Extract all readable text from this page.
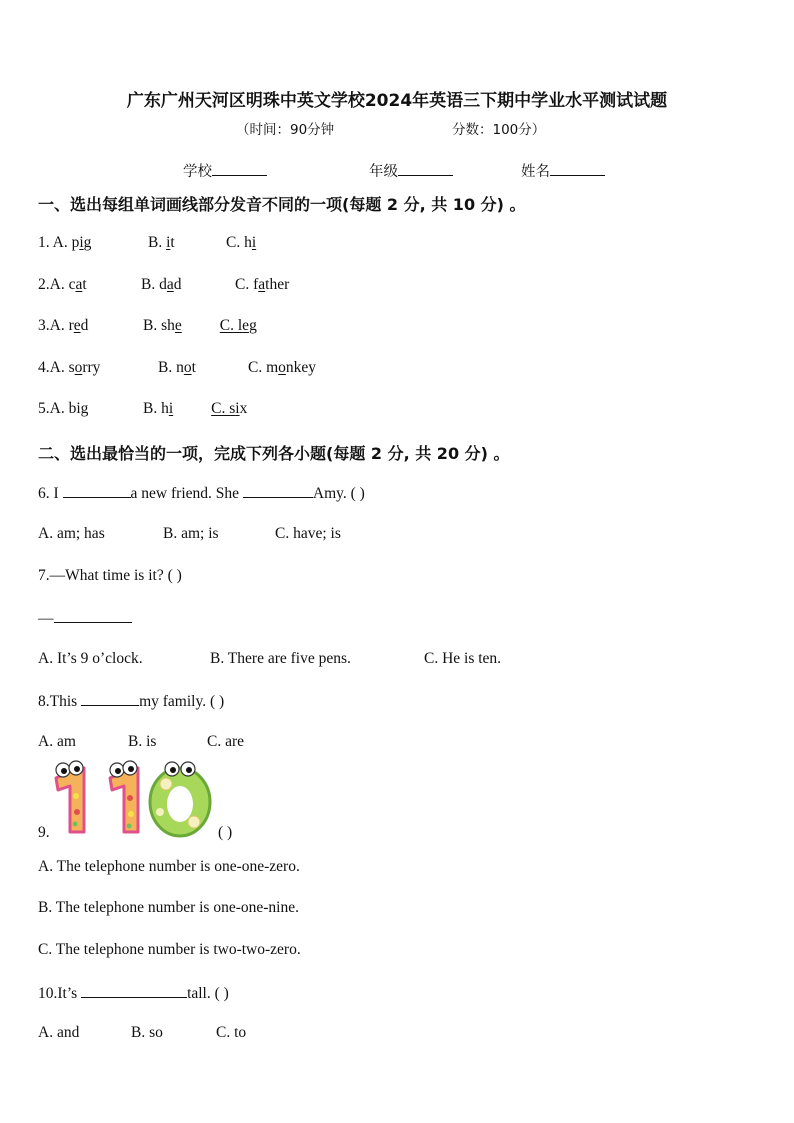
广东广州天河区明珠中英文学校2024年英语三下期中学业水平测试试题
（时间：90分钟	分数：100分）
学校	年级	姓名
一、选出每组单词画线部分发音不同的一项(每题 2 分, 共 10 分) 。
1. A. pig	B. it	C. hi
2.A. cat	B. dad	C. father
3.A. red	B. she C. leg
4.A. sorry	B. not	C. monkey
5.A. big	B. hi C. six
二、选出最恰当的一项，完成下列各小题(每题 2 分, 共 20 分) 。
6. I	a new friend. She	Amy. ( )
A. am; has	B. am; is	C. have; is
7.—What time is it? ( )
—
A. It’s 9 o’clock.	B. There are five pens.	C. He is ten.
8.This	my family. ( )
A. am	B. is	C. are
9.	( )
A. The telephone number is one-one-zero.
B. The telephone number is one-one-nine.
C. The telephone number is two-two-zero.
10.It’s	tall. ( )
A. and	B. so	C. to
